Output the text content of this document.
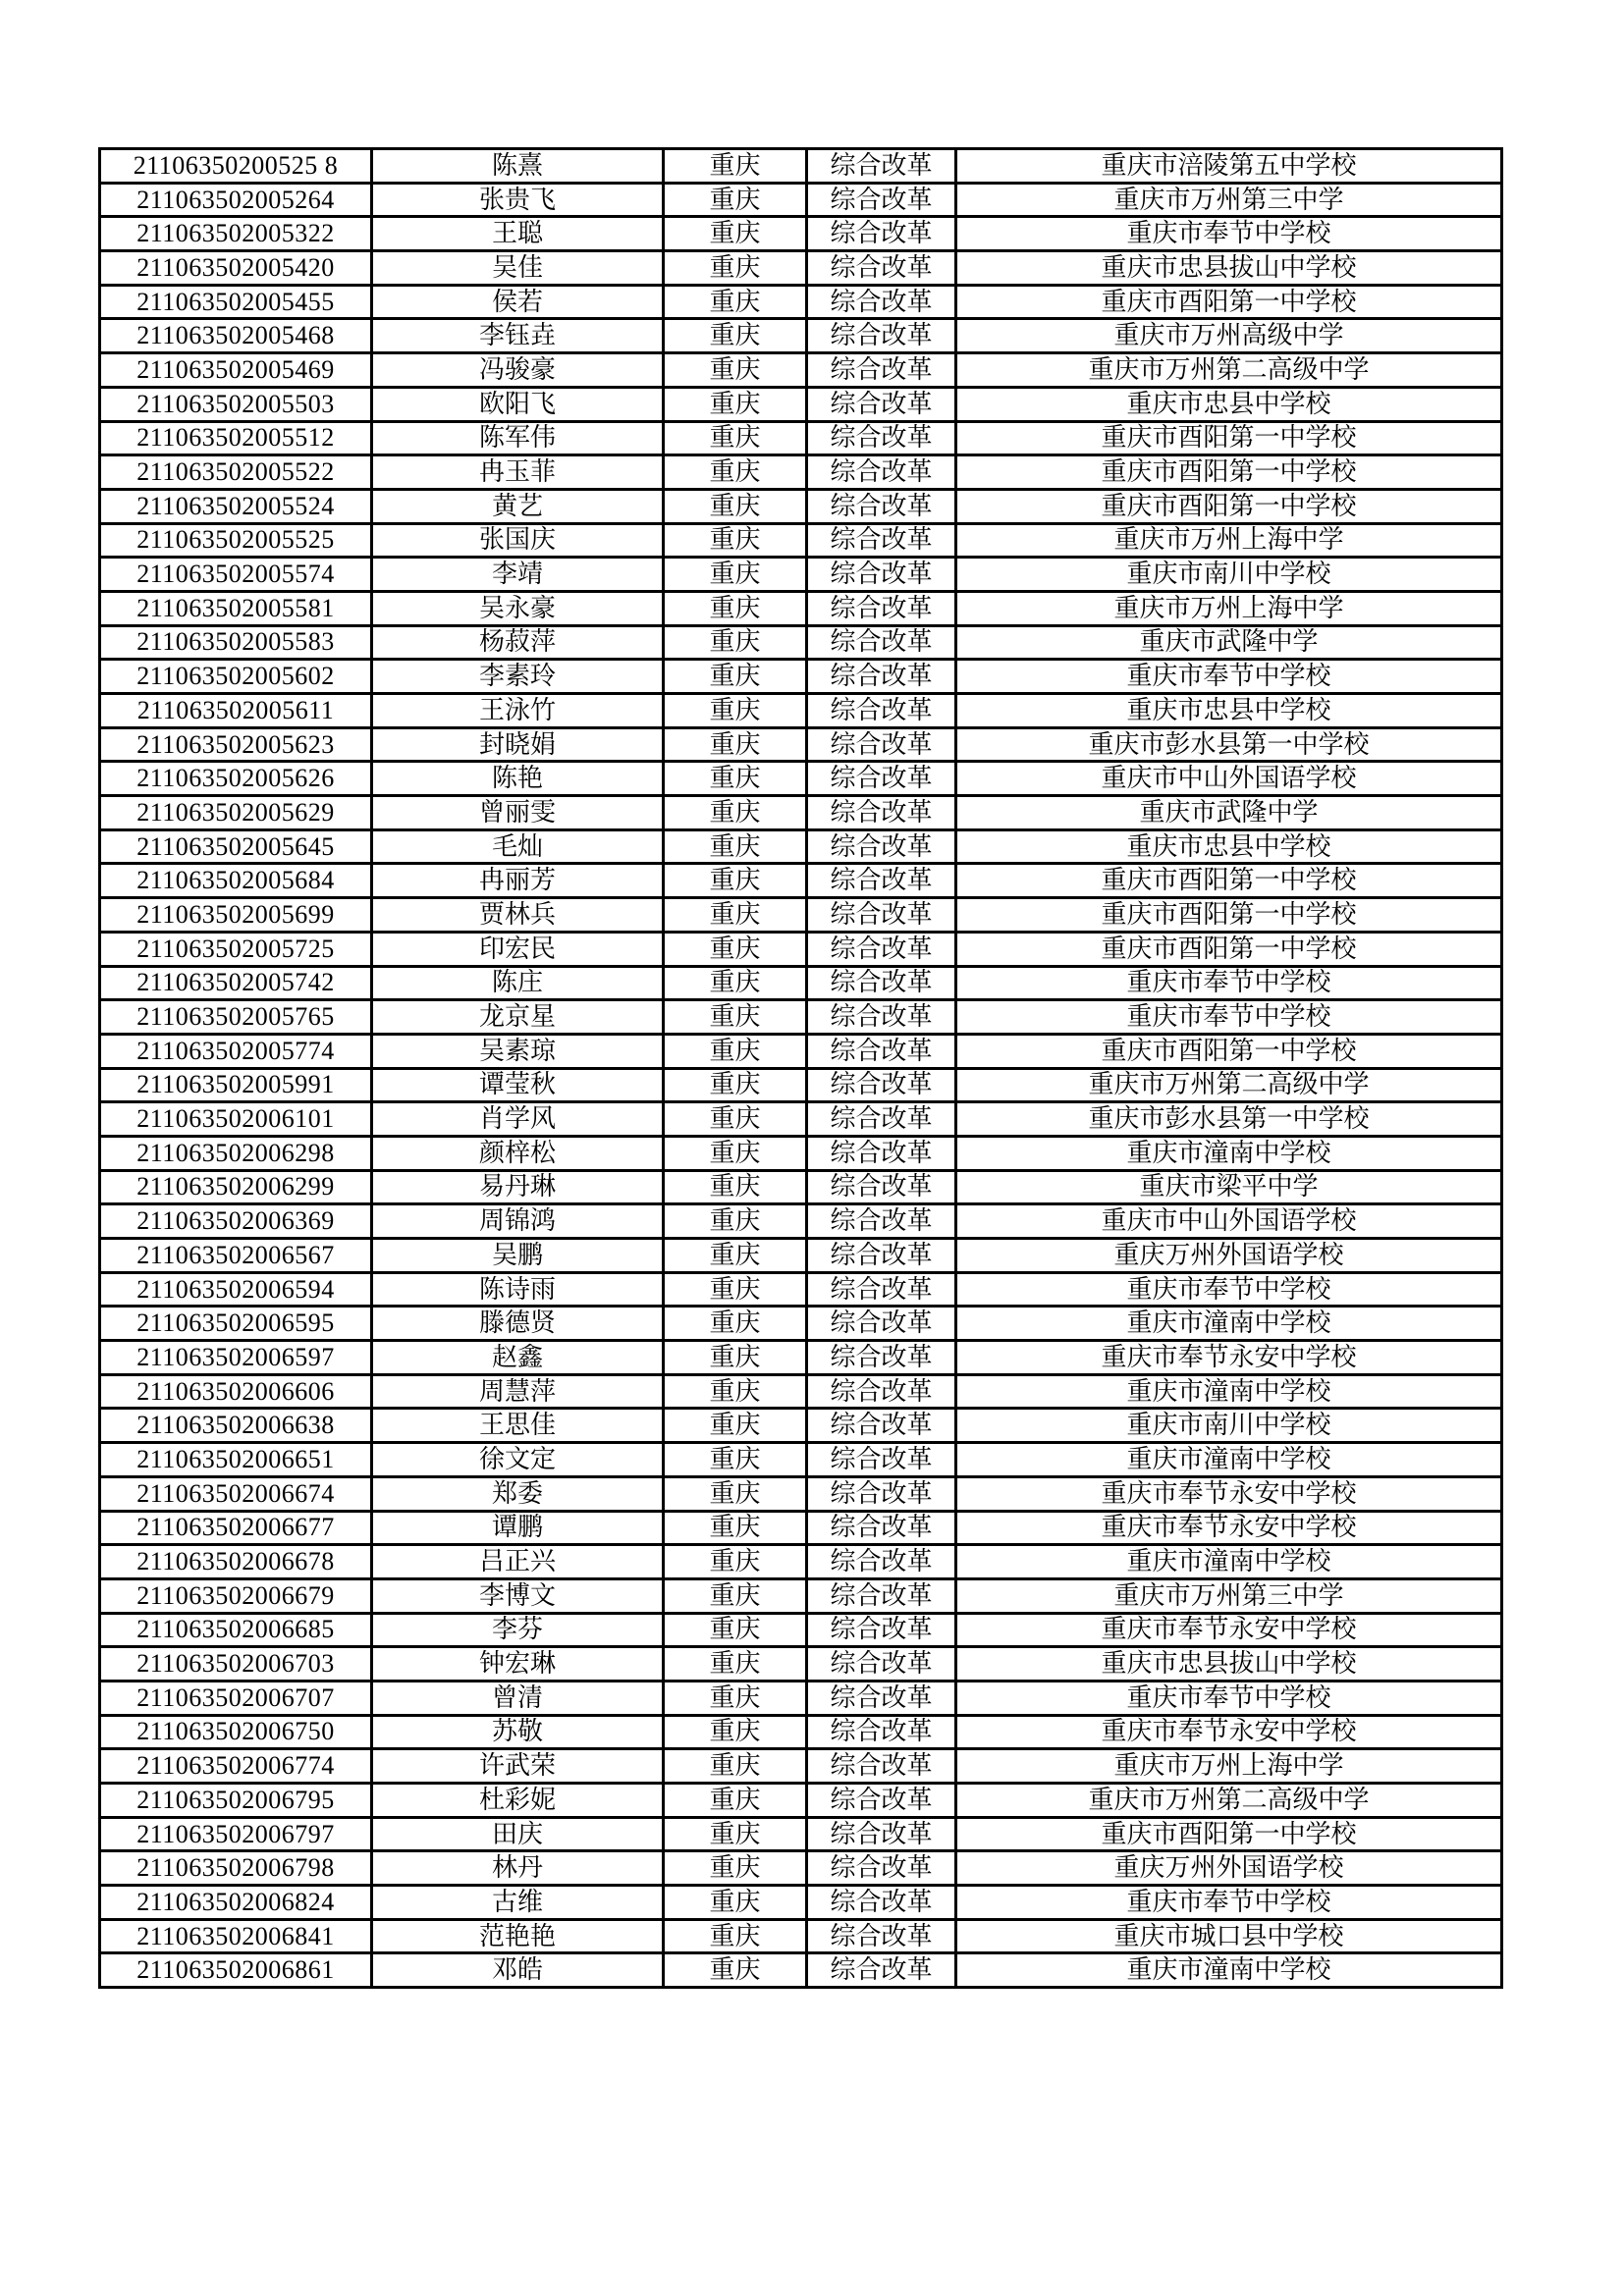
21106350200525 8	陈熹	重庆	综合改革	重庆市涪陵第五中学校
211063502005264	张贵飞	重庆	综合改革	重庆市万州第三中学
211063502005322	王聪	重庆	综合改革	重庆市奉节中学校
211063502005420	吴佳	重庆	综合改革	重庆市忠县拔山中学校
211063502005455	侯若	重庆	综合改革	重庆市酉阳第一中学校
211063502005468	李钰垚	重庆	综合改革	重庆市万州高级中学
211063502005469	冯骏豪	重庆	综合改革	重庆市万州第二高级中学
211063502005503	欧阳飞	重庆	综合改革	重庆市忠县中学校
211063502005512	陈军伟	重庆	综合改革	重庆市酉阳第一中学校
211063502005522	冉玉菲	重庆	综合改革	重庆市酉阳第一中学校
211063502005524	黄艺	重庆	综合改革	重庆市酉阳第一中学校
211063502005525	张国庆	重庆	综合改革	重庆市万州上海中学
211063502005574	李靖	重庆	综合改革	重庆市南川中学校
211063502005581	吴永豪	重庆	综合改革	重庆市万州上海中学
211063502005583	杨菽萍	重庆	综合改革	重庆市武隆中学
211063502005602	李素玲	重庆	综合改革	重庆市奉节中学校
211063502005611	王泳竹	重庆	综合改革	重庆市忠县中学校
211063502005623	封晓娟	重庆	综合改革	重庆市彭水县第一中学校
211063502005626	陈艳	重庆	综合改革	重庆市中山外国语学校
211063502005629	曾丽雯	重庆	综合改革	重庆市武隆中学
211063502005645	毛灿	重庆	综合改革	重庆市忠县中学校
211063502005684	冉丽芳	重庆	综合改革	重庆市酉阳第一中学校
211063502005699	贾林兵	重庆	综合改革	重庆市酉阳第一中学校
211063502005725	印宏民	重庆	综合改革	重庆市酉阳第一中学校
211063502005742	陈庄	重庆	综合改革	重庆市奉节中学校
211063502005765	龙京星	重庆	综合改革	重庆市奉节中学校
211063502005774	吴素琼	重庆	综合改革	重庆市酉阳第一中学校
211063502005991	谭莹秋	重庆	综合改革	重庆市万州第二高级中学
211063502006101	肖学风	重庆	综合改革	重庆市彭水县第一中学校
211063502006298	颜梓松	重庆	综合改革	重庆市潼南中学校
211063502006299	易丹琳	重庆	综合改革	重庆市梁平中学
211063502006369	周锦鸿	重庆	综合改革	重庆市中山外国语学校
211063502006567	吴鹏	重庆	综合改革	重庆万州外国语学校
211063502006594	陈诗雨	重庆	综合改革	重庆市奉节中学校
211063502006595	滕德贤	重庆	综合改革	重庆市潼南中学校
211063502006597	赵鑫	重庆	综合改革	重庆市奉节永安中学校
211063502006606	周慧萍	重庆	综合改革	重庆市潼南中学校
211063502006638	王思佳	重庆	综合改革	重庆市南川中学校
211063502006651	徐文定	重庆	综合改革	重庆市潼南中学校
211063502006674	郑委	重庆	综合改革	重庆市奉节永安中学校
211063502006677	谭鹏	重庆	综合改革	重庆市奉节永安中学校
211063502006678	吕正兴	重庆	综合改革	重庆市潼南中学校
211063502006679	李博文	重庆	综合改革	重庆市万州第三中学
211063502006685	李芬	重庆	综合改革	重庆市奉节永安中学校
211063502006703	钟宏琳	重庆	综合改革	重庆市忠县拔山中学校
211063502006707	曾清	重庆	综合改革	重庆市奉节中学校
211063502006750	苏敬	重庆	综合改革	重庆市奉节永安中学校
211063502006774	许武荣	重庆	综合改革	重庆市万州上海中学
211063502006795	杜彩妮	重庆	综合改革	重庆市万州第二高级中学
211063502006797	田庆	重庆	综合改革	重庆市酉阳第一中学校
211063502006798	林丹	重庆	综合改革	重庆万州外国语学校
211063502006824	古维	重庆	综合改革	重庆市奉节中学校
211063502006841	范艳艳	重庆	综合改革	重庆市城口县中学校
211063502006861	邓皓	重庆	综合改革	重庆市潼南中学校
